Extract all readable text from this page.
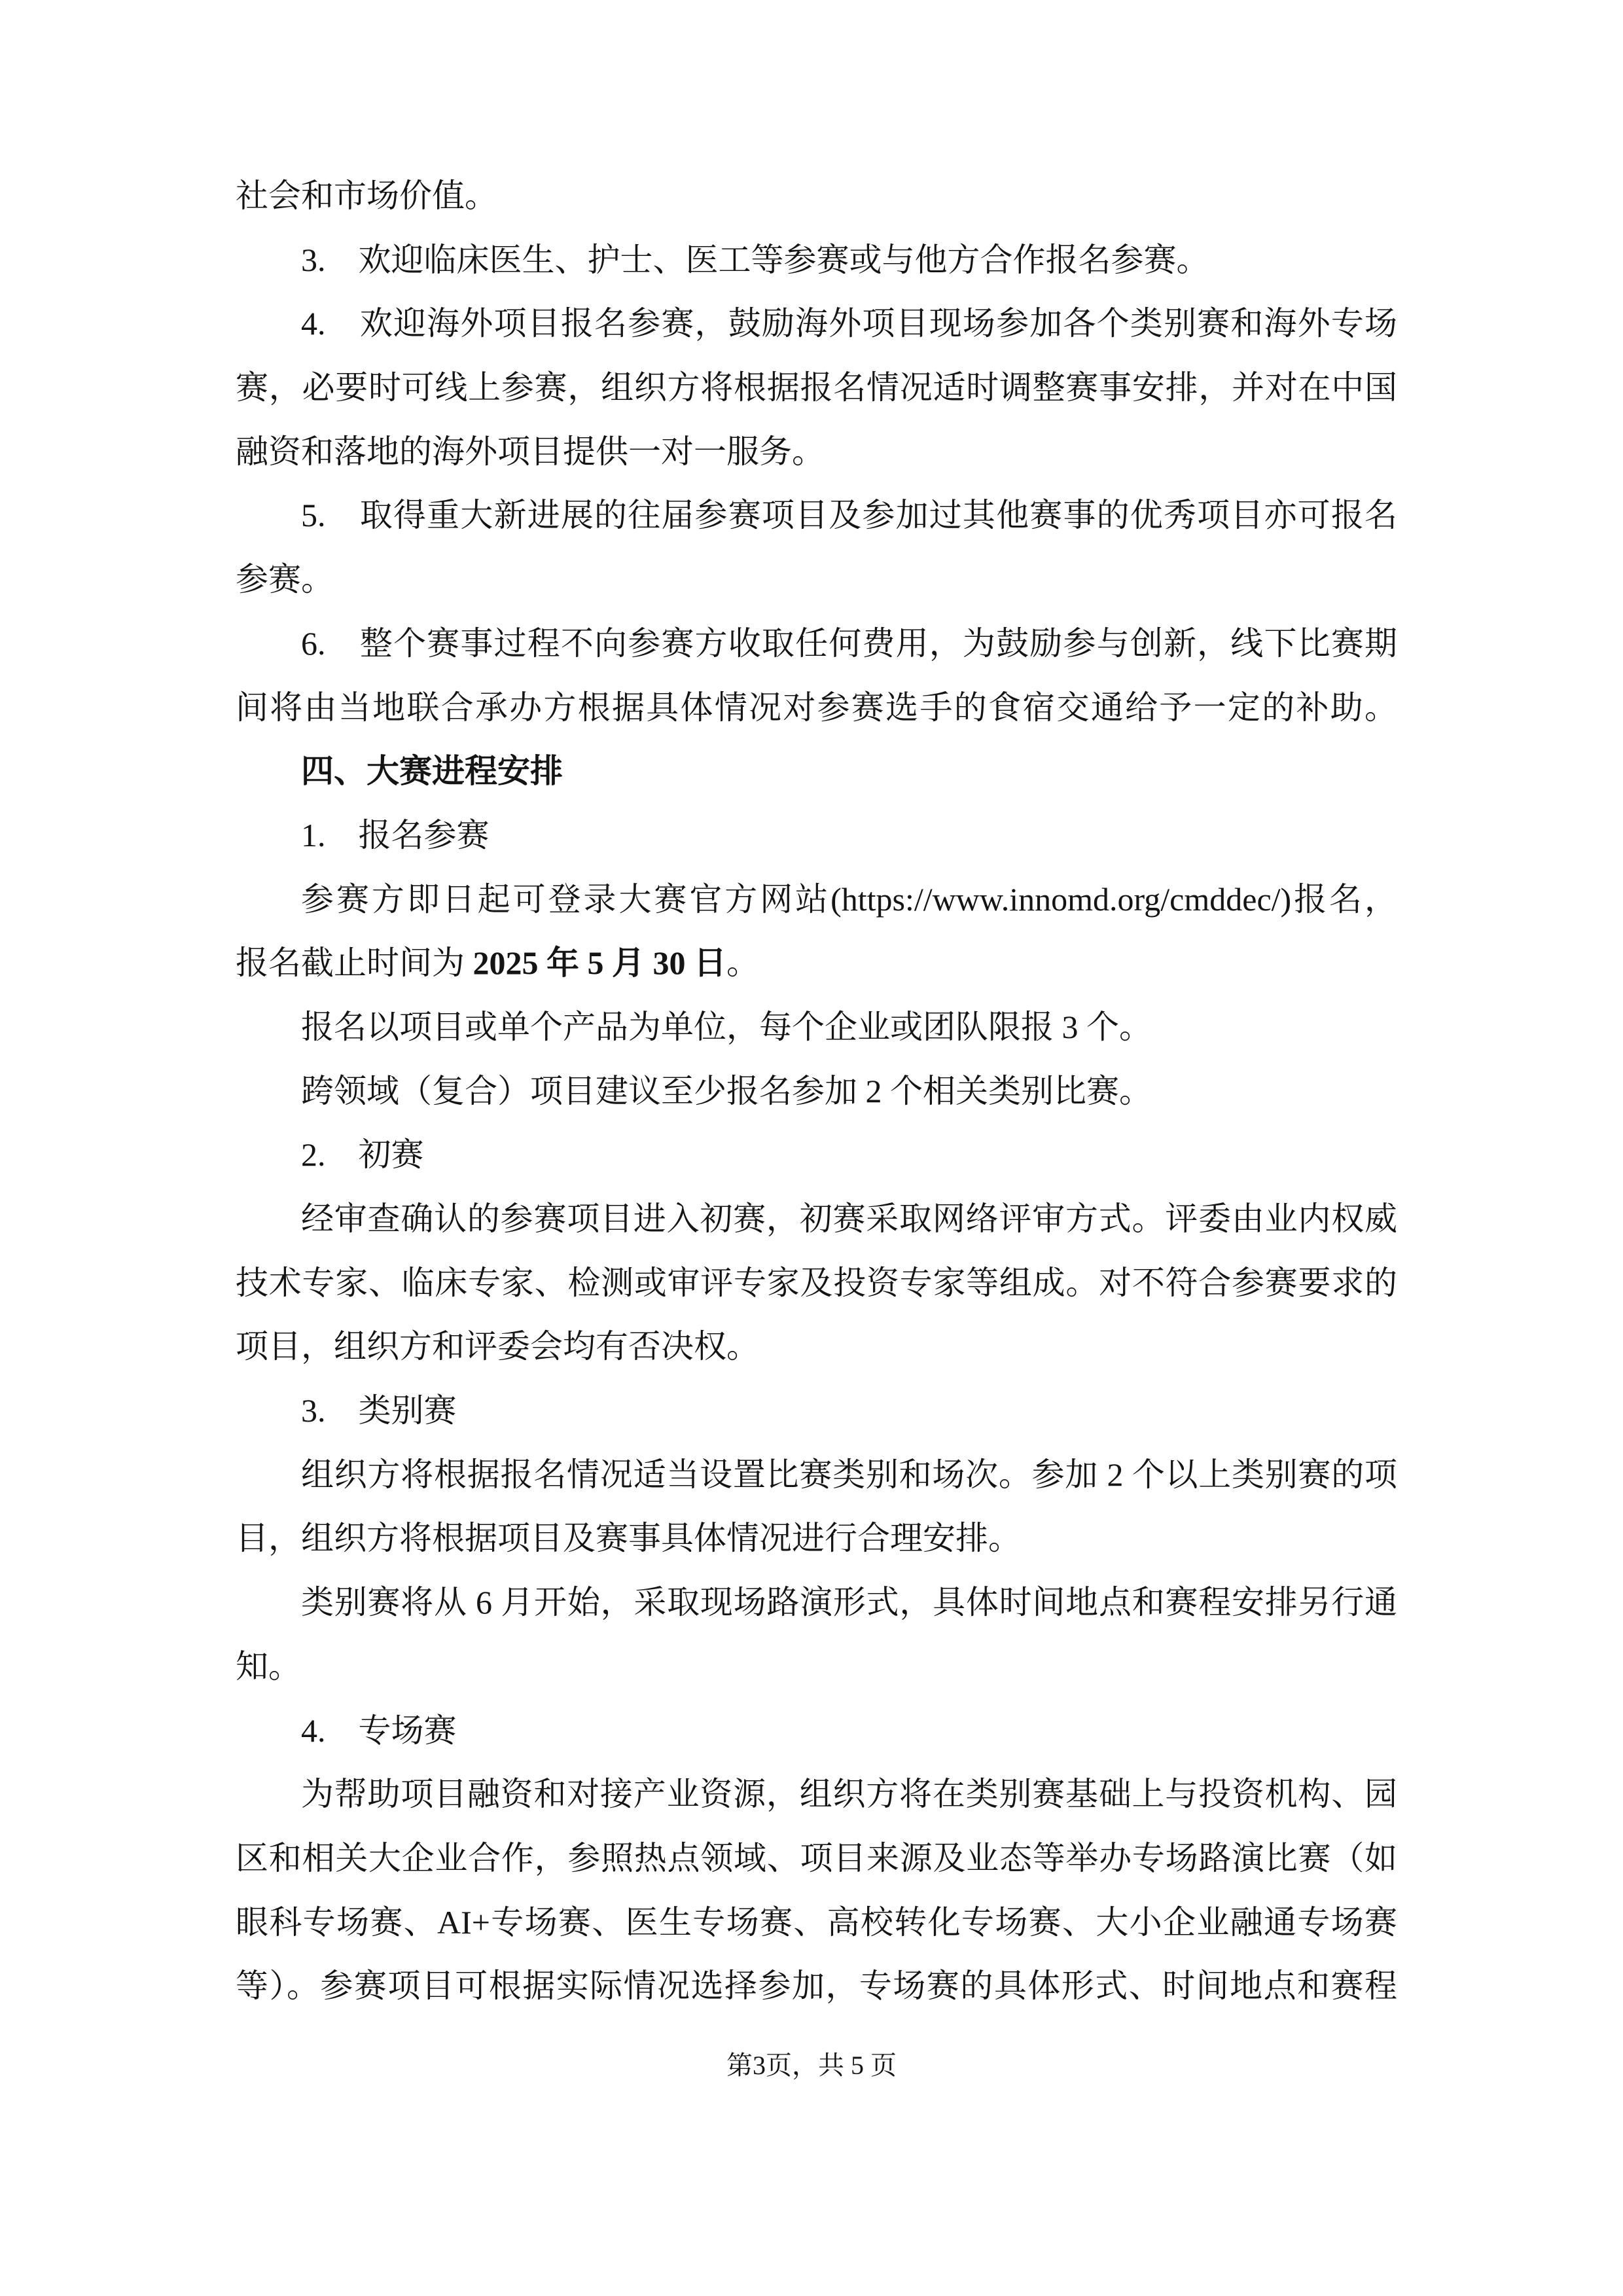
社会和市场价值。
3.　欢迎临床医生、护士、医工等参赛或与他方合作报名参赛。
4.　欢迎海外项目报名参赛，鼓励海外项目现场参加各个类别赛和海外专场
赛，必要时可线上参赛，组织方将根据报名情况适时调整赛事安排，并对在中国
融资和落地的海外项目提供一对一服务。
5.　取得重大新进展的往届参赛项目及参加过其他赛事的优秀项目亦可报名
参赛。
6.　整个赛事过程不向参赛方收取任何费用，为鼓励参与创新，线下比赛期
间将由当地联合承办方根据具体情况对参赛选手的食宿交通给予一定的补助。
四、大赛进程安排
1.　报名参赛
参赛方即日起可登录大赛官方网站(https://www.innomd.org/cmddec/)报名，
报名截止时间为 2025 年 5 月 30 日。
报名以项目或单个产品为单位，每个企业或团队限报 3 个。
跨领域（复合）项目建议至少报名参加 2 个相关类别比赛。
2.　初赛
经审查确认的参赛项目进入初赛，初赛采取网络评审方式。评委由业内权威
技术专家、临床专家、检测或审评专家及投资专家等组成。对不符合参赛要求的
项目，组织方和评委会均有否决权。
3.　类别赛
组织方将根据报名情况适当设置比赛类别和场次。参加 2 个以上类别赛的项
目，组织方将根据项目及赛事具体情况进行合理安排。
类别赛将从 6 月开始，采取现场路演形式，具体时间地点和赛程安排另行通
知。
4.　专场赛
为帮助项目融资和对接产业资源，组织方将在类别赛基础上与投资机构、园
区和相关大企业合作，参照热点领域、项目来源及业态等举办专场路演比赛（如
眼科专场赛、AI+专场赛、医生专场赛、高校转化专场赛、大小企业融通专场赛
等）。参赛项目可根据实际情况选择参加，专场赛的具体形式、时间地点和赛程
第3页，共 5 页
